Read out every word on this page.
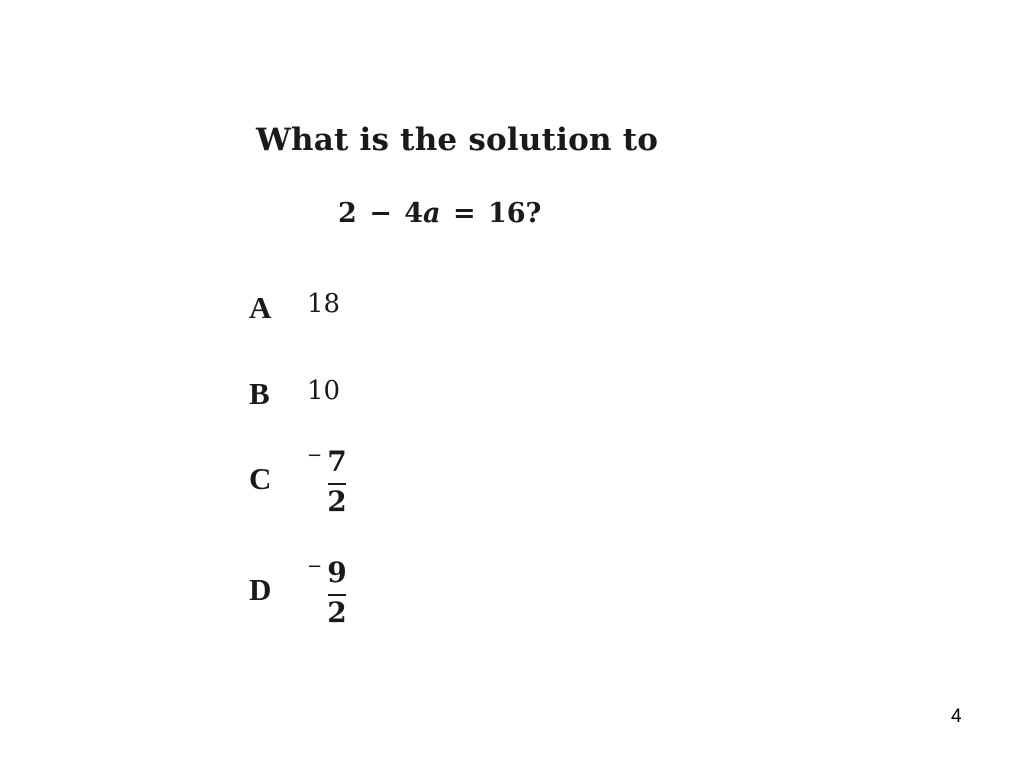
What is the solution to
2 − 4a = 16?
A 18
B 10
C
− 7
2
D
− 9
2
4
